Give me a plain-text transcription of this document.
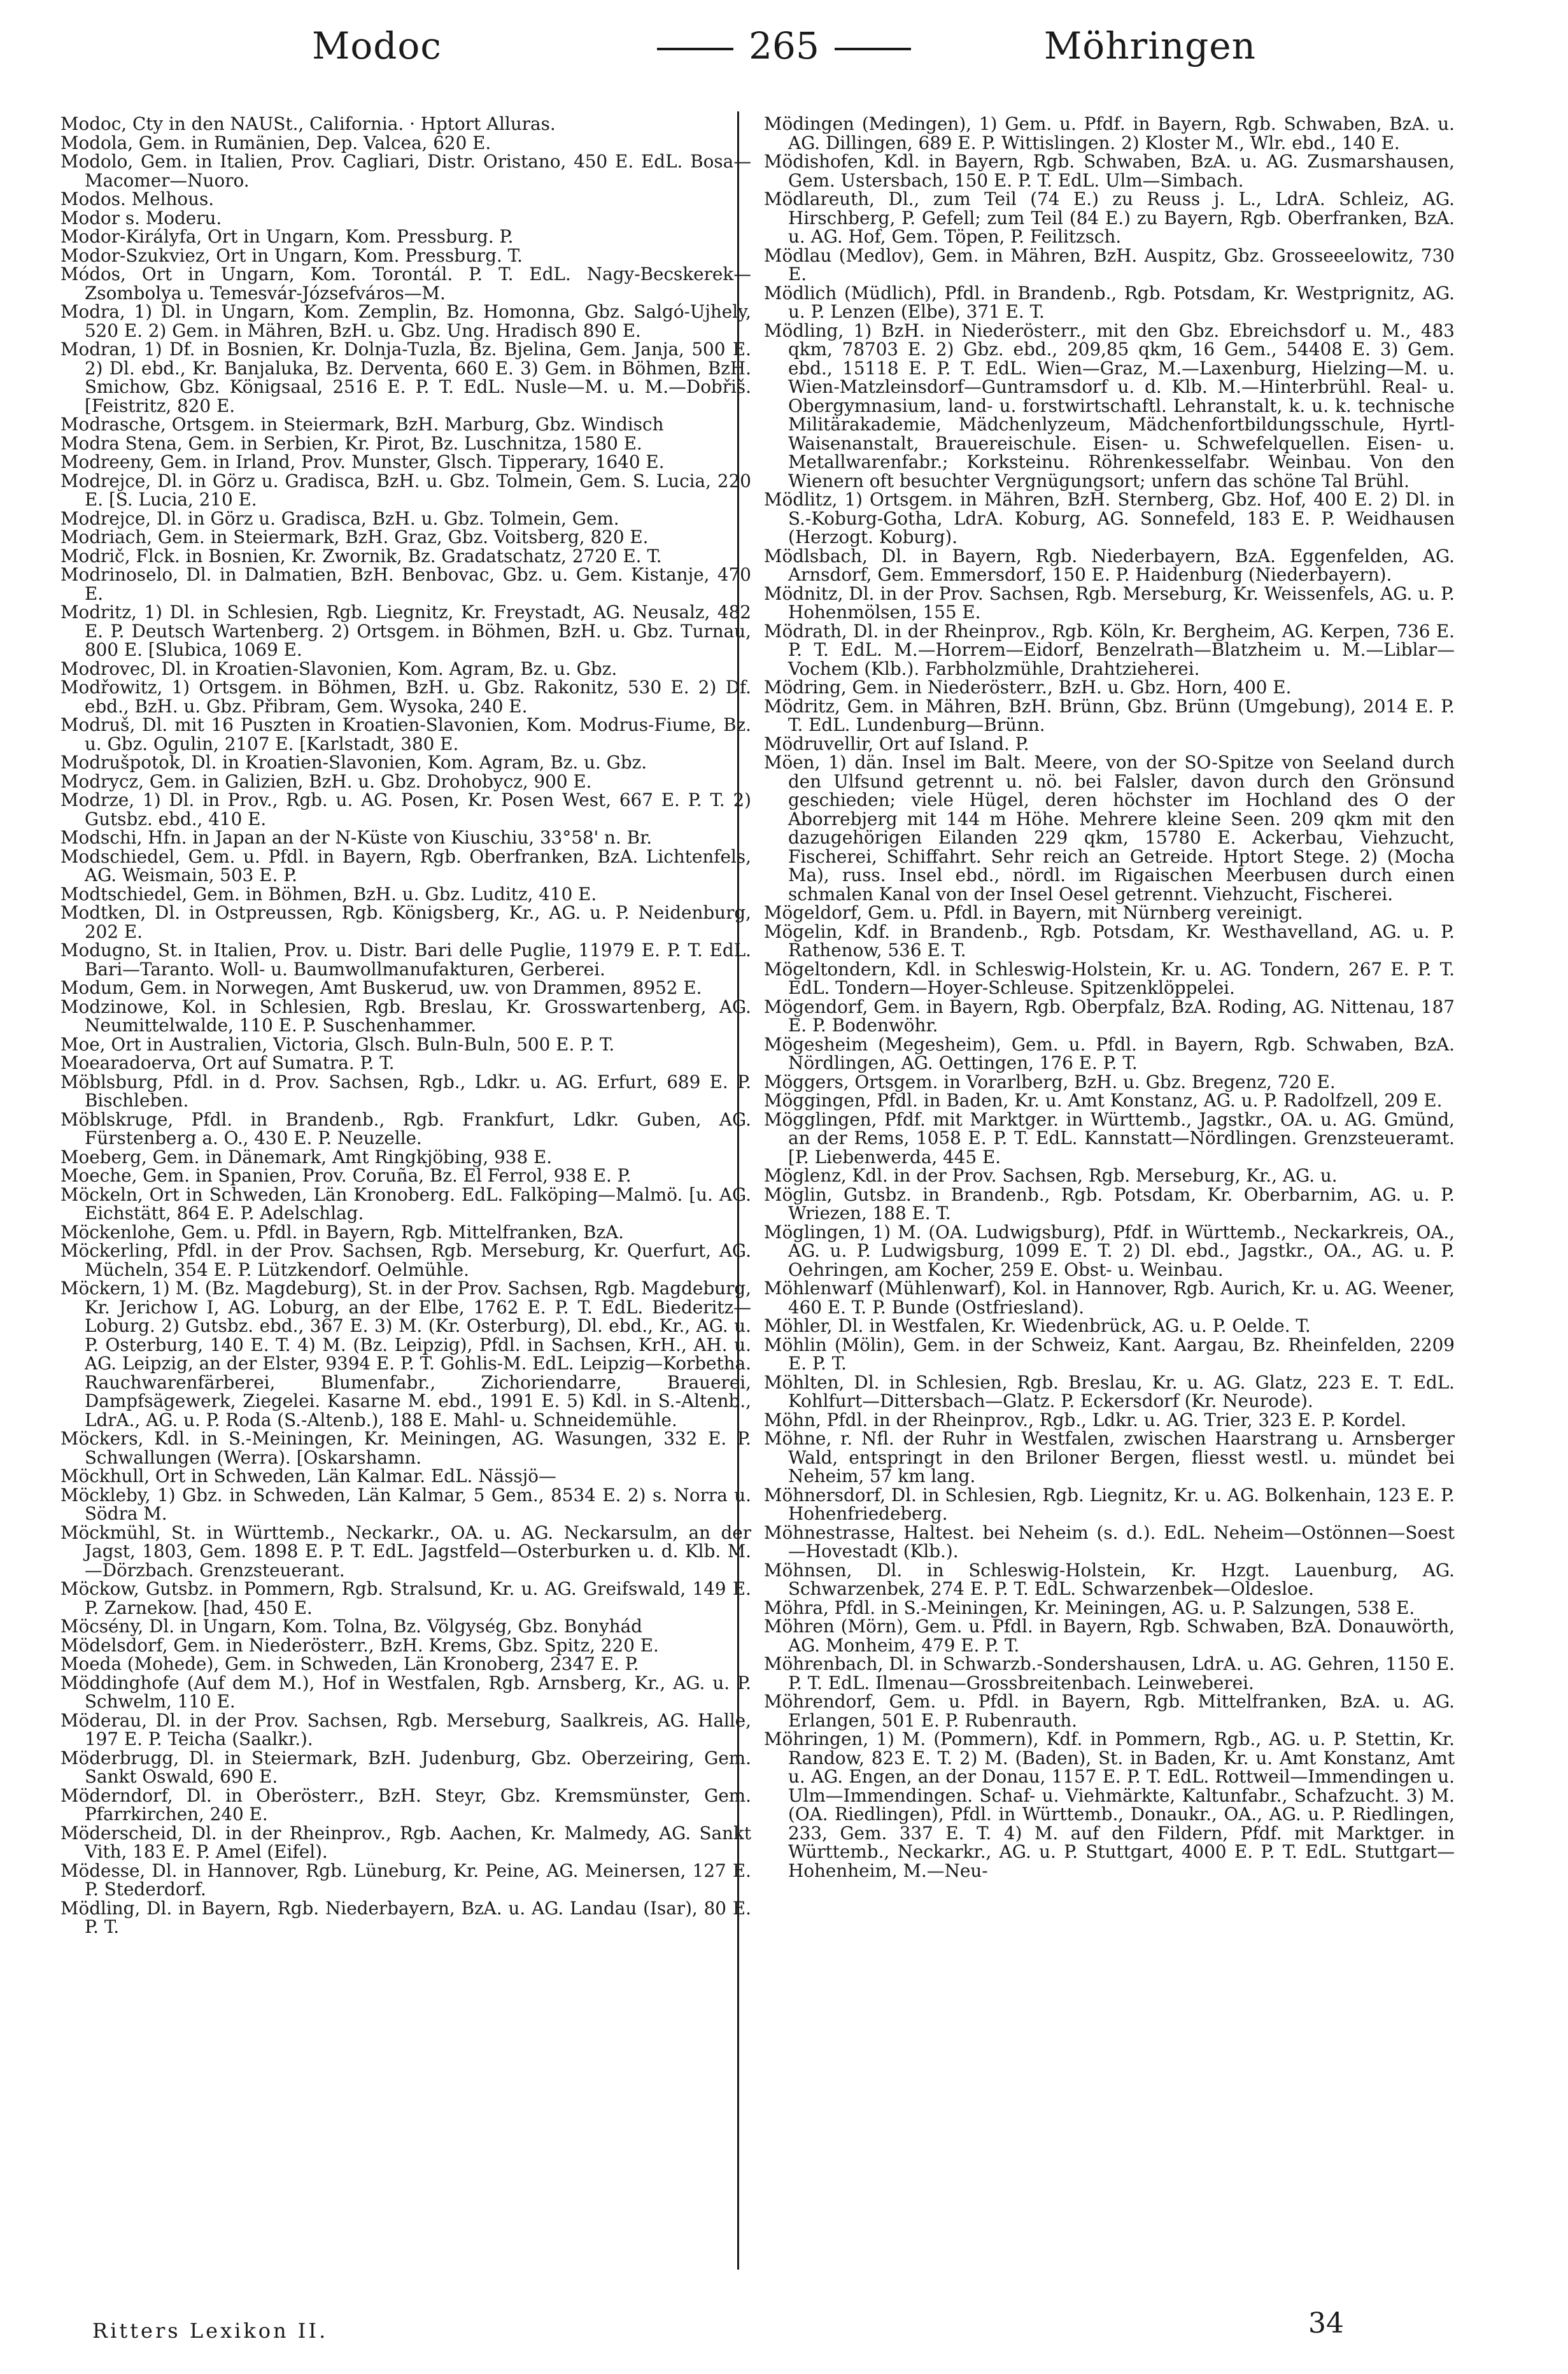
Modoc	265	Möhringen

Modoc, Cty in den NAUSt., California. · Hptort Alluras.

Modola, Gem. in Rumänien, Dep. Valcea, 620 E.

Modolo, Gem. in Italien, Prov. Cagliari, Distr. Oristano, 450 E. EdL. Bosa—Macomer—Nuoro.

Modos. Melhous.

Modor s. Moderu.

Modor-Királyfa, Ort in Ungarn, Kom. Pressburg. P.

Modor-Szukviez, Ort in Ungarn, Kom. Pressburg. T.

Módos, Ort in Ungarn, Kom. Torontál. P. T. EdL. Nagy-Becskerek—Zsombolya u. Temesvár-Józsefváros—M.

Modra, 1) Dl. in Ungarn, Kom. Zemplin, Bz. Homonna, Gbz. Salgó-Ujhely, 520 E. 2) Gem. in Mähren, BzH. u. Gbz. Ung. Hradisch 890 E.

Modran, 1) Df. in Bosnien, Kr. Dolnja-Tuzla, Bz. Bjelina, Gem. Janja, 500 E. 2) Dl. ebd., Kr. Banjaluka, Bz. Derventa, 660 E. 3) Gem. in Böhmen, BzH. Smichow, Gbz. Königsaal, 2516 E. P. T. EdL. Nusle—M. u. M.—Dobřiš. [Feistritz, 820 E.

Modrasche, Ortsgem. in Steiermark, BzH. Marburg, Gbz. Windisch

Modra Stena, Gem. in Serbien, Kr. Pirot, Bz. Luschnitza, 1580 E.

Modreeny, Gem. in Irland, Prov. Munster, Glsch. Tipperary, 1640 E.

Modrejce, Dl. in Görz u. Gradisca, BzH. u. Gbz. Tolmein, Gem. S. Lucia, 220 E. [S. Lucia, 210 E.

Modrejce, Dl. in Görz u. Gradisca, BzH. u. Gbz. Tolmein, Gem.

Modriach, Gem. in Steiermark, BzH. Graz, Gbz. Voitsberg, 820 E.

Modrič, Flck. in Bosnien, Kr. Zwornik, Bz. Gradatschatz, 2720 E. T.

Modrinoselo, Dl. in Dalmatien, BzH. Benbovac, Gbz. u. Gem. Kistanje, 470 E.

Modritz, 1) Dl. in Schlesien, Rgb. Liegnitz, Kr. Freystadt, AG. Neusalz, 482 E. P. Deutsch Wartenberg. 2) Ortsgem. in Böhmen, BzH. u. Gbz. Turnau, 800 E. [Slubica, 1069 E.

Modrovec, Dl. in Kroatien-Slavonien, Kom. Agram, Bz. u. Gbz.

Modřowitz, 1) Ortsgem. in Böhmen, BzH. u. Gbz. Rakonitz, 530 E. 2) Df. ebd., BzH. u. Gbz. Přibram, Gem. Wysoka, 240 E.

Modruš, Dl. mit 16 Puszten in Kroatien-Slavonien, Kom. Modrus-Fiume, Bz. u. Gbz. Ogulin, 2107 E. [Karlstadt, 380 E.

Modrušpotok, Dl. in Kroatien-Slavonien, Kom. Agram, Bz. u. Gbz.

Modrycz, Gem. in Galizien, BzH. u. Gbz. Drohobycz, 900 E.

Modrze, 1) Dl. in Prov., Rgb. u. AG. Posen, Kr. Posen West, 667 E. P. T. 2) Gutsbz. ebd., 410 E.

Modschi, Hfn. in Japan an der N-Küste von Kiuschiu, 33°58' n. Br.

Modschiedel, Gem. u. Pfdl. in Bayern, Rgb. Oberfranken, BzA. Lichtenfels, AG. Weismain, 503 E. P.

Modtschiedel, Gem. in Böhmen, BzH. u. Gbz. Luditz, 410 E.

Modtken, Dl. in Ostpreussen, Rgb. Königsberg, Kr., AG. u. P. Neidenburg, 202 E.

Modugno, St. in Italien, Prov. u. Distr. Bari delle Puglie, 11979 E. P. T. EdL. Bari—Taranto. Woll- u. Baumwollmanufakturen, Gerberei.

Modum, Gem. in Norwegen, Amt Buskerud, uw. von Drammen, 8952 E.

Modzinowe, Kol. in Schlesien, Rgb. Breslau, Kr. Grosswartenberg, AG. Neumittelwalde, 110 E. P. Suschenhammer.

Moe, Ort in Australien, Victoria, Glsch. Buln-Buln, 500 E. P. T.

Moearadoerva, Ort auf Sumatra. P. T.

Möblsburg, Pfdl. in d. Prov. Sachsen, Rgb., Ldkr. u. AG. Erfurt, 689 E. P. Bischleben.

Möblskruge, Pfdl. in Brandenb., Rgb. Frankfurt, Ldkr. Guben, AG. Fürstenberg a. O., 430 E. P. Neuzelle.

Moeberg, Gem. in Dänemark, Amt Ringkjöbing, 938 E.

Moeche, Gem. in Spanien, Prov. Coruña, Bz. El Ferrol, 938 E. P.

Möckeln, Ort in Schweden, Län Kronoberg. EdL. Falköping—Malmö. [u. AG. Eichstätt, 864 E. P. Adelschlag.

Möckenlohe, Gem. u. Pfdl. in Bayern, Rgb. Mittelfranken, BzA.

Möckerling, Pfdl. in der Prov. Sachsen, Rgb. Merseburg, Kr. Querfurt, AG. Mücheln, 354 E. P. Lützkendorf. Oelmühle.

Möckern, 1) M. (Bz. Magdeburg), St. in der Prov. Sachsen, Rgb. Magdeburg, Kr. Jerichow I, AG. Loburg, an der Elbe, 1762 E. P. T. EdL. Biederitz—Loburg. 2) Gutsbz. ebd., 367 E. 3) M. (Kr. Osterburg), Dl. ebd., Kr., AG. u. P. Osterburg, 140 E. T. 4) M. (Bz. Leipzig), Pfdl. in Sachsen, KrH., AH. u. AG. Leipzig, an der Elster, 9394 E. P. T. Gohlis-M. EdL. Leipzig—Korbetha. Rauchwarenfärberei, Blumenfabr., Zichoriendarre, Brauerei, Dampfsägewerk, Ziegelei. Kasarne M. ebd., 1991 E. 5) Kdl. in S.-Altenb., LdrA., AG. u. P. Roda (S.-Altenb.), 188 E. Mahl- u. Schneidemühle.

Möckers, Kdl. in S.-Meiningen, Kr. Meiningen, AG. Wasungen, 332 E. P. Schwallungen (Werra). [Oskarshamn.

Möckhull, Ort in Schweden, Län Kalmar. EdL. Nässjö—

Möckleby, 1) Gbz. in Schweden, Län Kalmar, 5 Gem., 8534 E. 2) s. Norra u. Södra M.

Möckmühl, St. in Württemb., Neckarkr., OA. u. AG. Neckarsulm, an der Jagst, 1803, Gem. 1898 E. P. T. EdL. Jagstfeld—Osterburken u. d. Klb. M.—Dörzbach. Grenzsteuerant.

Möckow, Gutsbz. in Pommern, Rgb. Stralsund, Kr. u. AG. Greifswald, 149 E. P. Zarnekow. [had, 450 E.

Möcsény, Dl. in Ungarn, Kom. Tolna, Bz. Völgység, Gbz. Bonyhád

Mödelsdorf, Gem. in Niederösterr., BzH. Krems, Gbz. Spitz, 220 E.

Moeda (Mohede), Gem. in Schweden, Län Kronoberg, 2347 E. P.

Möddinghofe (Auf dem M.), Hof in Westfalen, Rgb. Arnsberg, Kr., AG. u. P. Schwelm, 110 E.

Möderau, Dl. in der Prov. Sachsen, Rgb. Merseburg, Saalkreis, AG. Halle, 197 E. P. Teicha (Saalkr.).

Möderbrugg, Dl. in Steiermark, BzH. Judenburg, Gbz. Oberzeiring, Gem. Sankt Oswald, 690 E.

Möderndorf, Dl. in Oberösterr., BzH. Steyr, Gbz. Kremsmünster, Gem. Pfarrkirchen, 240 E.

Möderscheid, Dl. in der Rheinprov., Rgb. Aachen, Kr. Malmedy, AG. Sankt Vith, 183 E. P. Amel (Eifel).

Mödesse, Dl. in Hannover, Rgb. Lüneburg, Kr. Peine, AG. Meinersen, 127 E. P. Stederdorf.

Mödling, Dl. in Bayern, Rgb. Niederbayern, BzA. u. AG. Landau (Isar), 80 E. P. T.

Mödingen (Medingen), 1) Gem. u. Pfdf. in Bayern, Rgb. Schwaben, BzA. u. AG. Dillingen, 689 E. P. Wittislingen. 2) Kloster M., Wlr. ebd., 140 E.

Mödishofen, Kdl. in Bayern, Rgb. Schwaben, BzA. u. AG. Zusmarshausen, Gem. Ustersbach, 150 E. P. T. EdL. Ulm—Simbach.

Mödlareuth, Dl., zum Teil (74 E.) zu Reuss j. L., LdrA. Schleiz, AG. Hirschberg, P. Gefell; zum Teil (84 E.) zu Bayern, Rgb. Oberfranken, BzA. u. AG. Hof, Gem. Töpen, P. Feilitzsch.

Mödlau (Medlov), Gem. in Mähren, BzH. Auspitz, Gbz. Grosseeelowitz, 730 E.

Mödlich (Müdlich), Pfdl. in Brandenb., Rgb. Potsdam, Kr. Westprignitz, AG. u. P. Lenzen (Elbe), 371 E. T.

Mödling, 1) BzH. in Niederösterr., mit den Gbz. Ebreichsdorf u. M., 483 qkm, 78703 E. 2) Gbz. ebd., 209,85 qkm, 16 Gem., 54408 E. 3) Gem. ebd., 15118 E. P. T. EdL. Wien—Graz, M.—Laxenburg, Hielzing—M. u. Wien-Matzleinsdorf—Guntramsdorf u. d. Klb. M.—Hinterbrühl. Real- u. Obergymnasium, land- u. forstwirtschaftl. Lehranstalt, k. u. k. technische Militärakademie, Mädchenlyzeum, Mädchenfortbildungsschule, Hyrtl-Waisenanstalt, Brauereischule. Eisen- u. Schwefelquellen. Eisen- u. Metallwarenfabr.; Korksteinu. Röhrenkesselfabr. Weinbau. Von den Wienern oft besuchter Vergnügungsort; unfern das schöne Tal Brühl.

Mödlitz, 1) Ortsgem. in Mähren, BzH. Sternberg, Gbz. Hof, 400 E. 2) Dl. in S.-Koburg-Gotha, LdrA. Koburg, AG. Sonnefeld, 183 E. P. Weidhausen (Herzogt. Koburg).

Mödlsbach, Dl. in Bayern, Rgb. Niederbayern, BzA. Eggenfelden, AG. Arnsdorf, Gem. Emmersdorf, 150 E. P. Haidenburg (Niederbayern).

Mödnitz, Dl. in der Prov. Sachsen, Rgb. Merseburg, Kr. Weissenfels, AG. u. P. Hohenmölsen, 155 E.

Mödrath, Dl. in der Rheinprov., Rgb. Köln, Kr. Bergheim, AG. Kerpen, 736 E. P. T. EdL. M.—Horrem—Eidorf, Benzelrath—Blatzheim u. M.—Liblar—Vochem (Klb.). Farbholzmühle, Drahtzieherei.

Mödring, Gem. in Niederösterr., BzH. u. Gbz. Horn, 400 E.

Mödritz, Gem. in Mähren, BzH. Brünn, Gbz. Brünn (Umgebung), 2014 E. P. T. EdL. Lundenburg—Brünn.

Mödruvellir, Ort auf Island. P.

Möen, 1) dän. Insel im Balt. Meere, von der SO-Spitze von Seeland durch den Ulfsund getrennt u. nö. bei Falsler, davon durch den Grönsund geschieden; viele Hügel, deren höchster im Hochland des O der Aborrebjerg mit 144 m Höhe. Mehrere kleine Seen. 209 qkm mit den dazugehörigen Eilanden 229 qkm, 15780 E. Ackerbau, Viehzucht, Fischerei, Schiffahrt. Sehr reich an Getreide. Hptort Stege. 2) (Mocha Ma), russ. Insel ebd., nördl. im Rigaischen Meerbusen durch einen schmalen Kanal von der Insel Oesel getrennt. Viehzucht, Fischerei.

Mögeldorf, Gem. u. Pfdl. in Bayern, mit Nürnberg vereinigt.

Mögelin, Kdf. in Brandenb., Rgb. Potsdam, Kr. Westhavelland, AG. u. P. Rathenow, 536 E. T.

Mögeltondern, Kdl. in Schleswig-Holstein, Kr. u. AG. Tondern, 267 E. P. T. EdL. Tondern—Hoyer-Schleuse. Spitzenklöppelei.

Mögendorf, Gem. in Bayern, Rgb. Oberpfalz, BzA. Roding, AG. Nittenau, 187 E. P. Bodenwöhr.

Mögesheim (Megesheim), Gem. u. Pfdl. in Bayern, Rgb. Schwaben, BzA. Nördlingen, AG. Oettingen, 176 E. P. T.

Möggers, Ortsgem. in Vorarlberg, BzH. u. Gbz. Bregenz, 720 E.

Möggingen, Pfdl. in Baden, Kr. u. Amt Konstanz, AG. u. P. Radolfzell, 209 E.

Mögglingen, Pfdf. mit Marktger. in Württemb., Jagstkr., OA. u. AG. Gmünd, an der Rems, 1058 E. P. T. EdL. Kannstatt—Nördlingen. Grenzsteueramt. [P. Liebenwerda, 445 E.

Möglenz, Kdl. in der Prov. Sachsen, Rgb. Merseburg, Kr., AG. u.

Möglin, Gutsbz. in Brandenb., Rgb. Potsdam, Kr. Oberbarnim, AG. u. P. Wriezen, 188 E. T.

Möglingen, 1) M. (OA. Ludwigsburg), Pfdf. in Württemb., Neckarkreis, OA., AG. u. P. Ludwigsburg, 1099 E. T. 2) Dl. ebd., Jagstkr., OA., AG. u. P. Oehringen, am Kocher, 259 E. Obst- u. Weinbau.

Möhlenwarf (Mühlenwarf), Kol. in Hannover, Rgb. Aurich, Kr. u. AG. Weener, 460 E. T. P. Bunde (Ostfriesland).

Möhler, Dl. in Westfalen, Kr. Wiedenbrück, AG. u. P. Oelde. T.

Möhlin (Mölin), Gem. in der Schweiz, Kant. Aargau, Bz. Rheinfelden, 2209 E. P. T.

Möhlten, Dl. in Schlesien, Rgb. Breslau, Kr. u. AG. Glatz, 223 E. T. EdL. Kohlfurt—Dittersbach—Glatz. P. Eckersdorf (Kr. Neurode).

Möhn, Pfdl. in der Rheinprov., Rgb., Ldkr. u. AG. Trier, 323 E. P. Kordel.

Möhne, r. Nfl. der Ruhr in Westfalen, zwischen Haarstrang u. Arnsberger Wald, entspringt in den Briloner Bergen, fliesst westl. u. mündet bei Neheim, 57 km lang.

Möhnersdorf, Dl. in Schlesien, Rgb. Liegnitz, Kr. u. AG. Bolkenhain, 123 E. P. Hohenfriedeberg.

Möhnestrasse, Haltest. bei Neheim (s. d.). EdL. Neheim—Ostönnen—Soest—Hovestadt (Klb.).

Möhnsen, Dl. in Schleswig-Holstein, Kr. Hzgt. Lauenburg, AG. Schwarzenbek, 274 E. P. T. EdL. Schwarzenbek—Oldesloe.

Möhra, Pfdl. in S.-Meiningen, Kr. Meiningen, AG. u. P. Salzungen, 538 E.

Möhren (Mörn), Gem. u. Pfdl. in Bayern, Rgb. Schwaben, BzA. Donauwörth, AG. Monheim, 479 E. P. T.

Möhrenbach, Dl. in Schwarzb.-Sondershausen, LdrA. u. AG. Gehren, 1150 E. P. T. EdL. Ilmenau—Grossbreitenbach. Leinweberei.

Möhrendorf, Gem. u. Pfdl. in Bayern, Rgb. Mittelfranken, BzA. u. AG. Erlangen, 501 E. P. Rubenrauth.

Möhringen, 1) M. (Pommern), Kdf. in Pommern, Rgb., AG. u. P. Stettin, Kr. Randow, 823 E. T. 2) M. (Baden), St. in Baden, Kr. u. Amt Konstanz, Amt u. AG. Engen, an der Donau, 1157 E. P. T. EdL. Rottweil—Immendingen u. Ulm—Immendingen. Schaf- u. Viehmärkte, Kaltunfabr., Schafzucht. 3) M. (OA. Riedlingen), Pfdl. in Württemb., Donaukr., OA., AG. u. P. Riedlingen, 233, Gem. 337 E. T. 4) M. auf den Fildern, Pfdf. mit Marktger. in Württemb., Neckarkr., AG. u. P. Stuttgart, 4000 E. P. T. EdL. Stuttgart—Hohenheim, M.—Neu-

Ritters Lexikon II.	34
